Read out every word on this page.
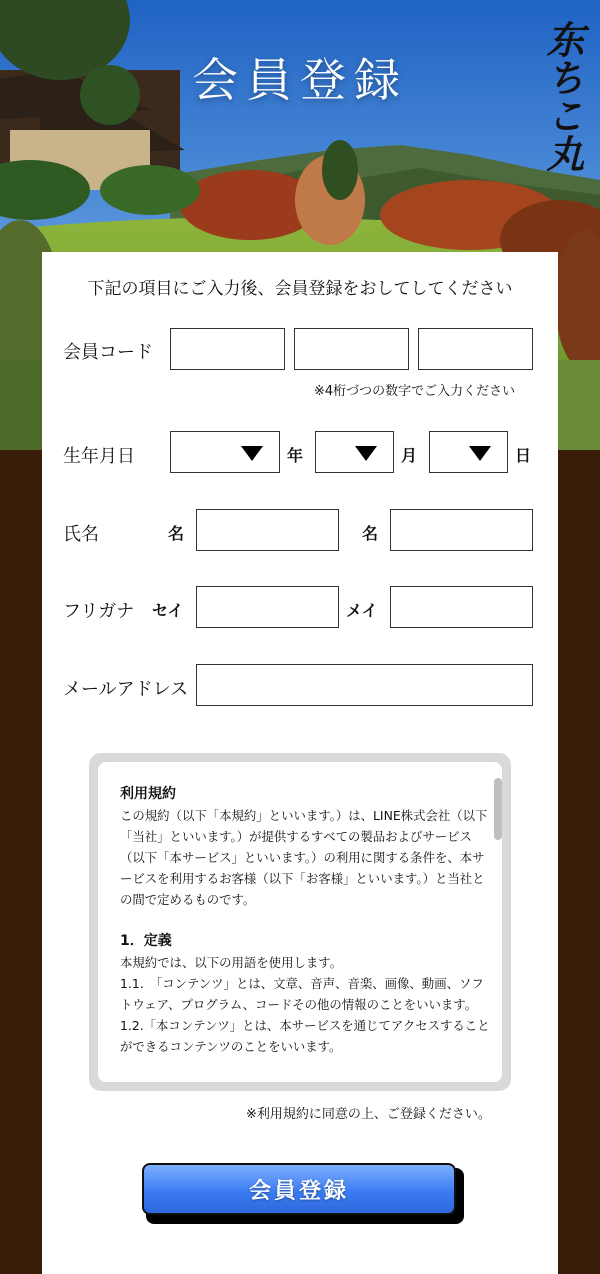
会員登録	东ちこ丸
下記の項目にご入力後、会員登録をおしてしてください
会員コード
※4桁づつの数字でご入力ください
生年月日	年	月	日
氏名	名	名
フリガナ セイ	メイ
メールアドレス
利用規約
この規約（以下「本規約」といいます。）は、LINE株式会社（以下「当社」といいます。）が提供するすべての製品およびサービス（以下「本サービス」といいます。）の利用に関する条件を、本サービスを利用するお客様（以下「お客様」といいます。）と当社との間で定めるものです。
1．定義
本規約では、以下の用語を使用します。
1.1.　「コンテンツ」とは、文章、音声、音楽、画像、動画、ソフトウェア、プログラム、コードその他の情報のことをいいます。
1.2.「本コンテンツ」とは、本サービスを通じてアクセスすることができるコンテンツのことをいいます。
※利用規約に同意の上、ご登録ください。
会員登録
